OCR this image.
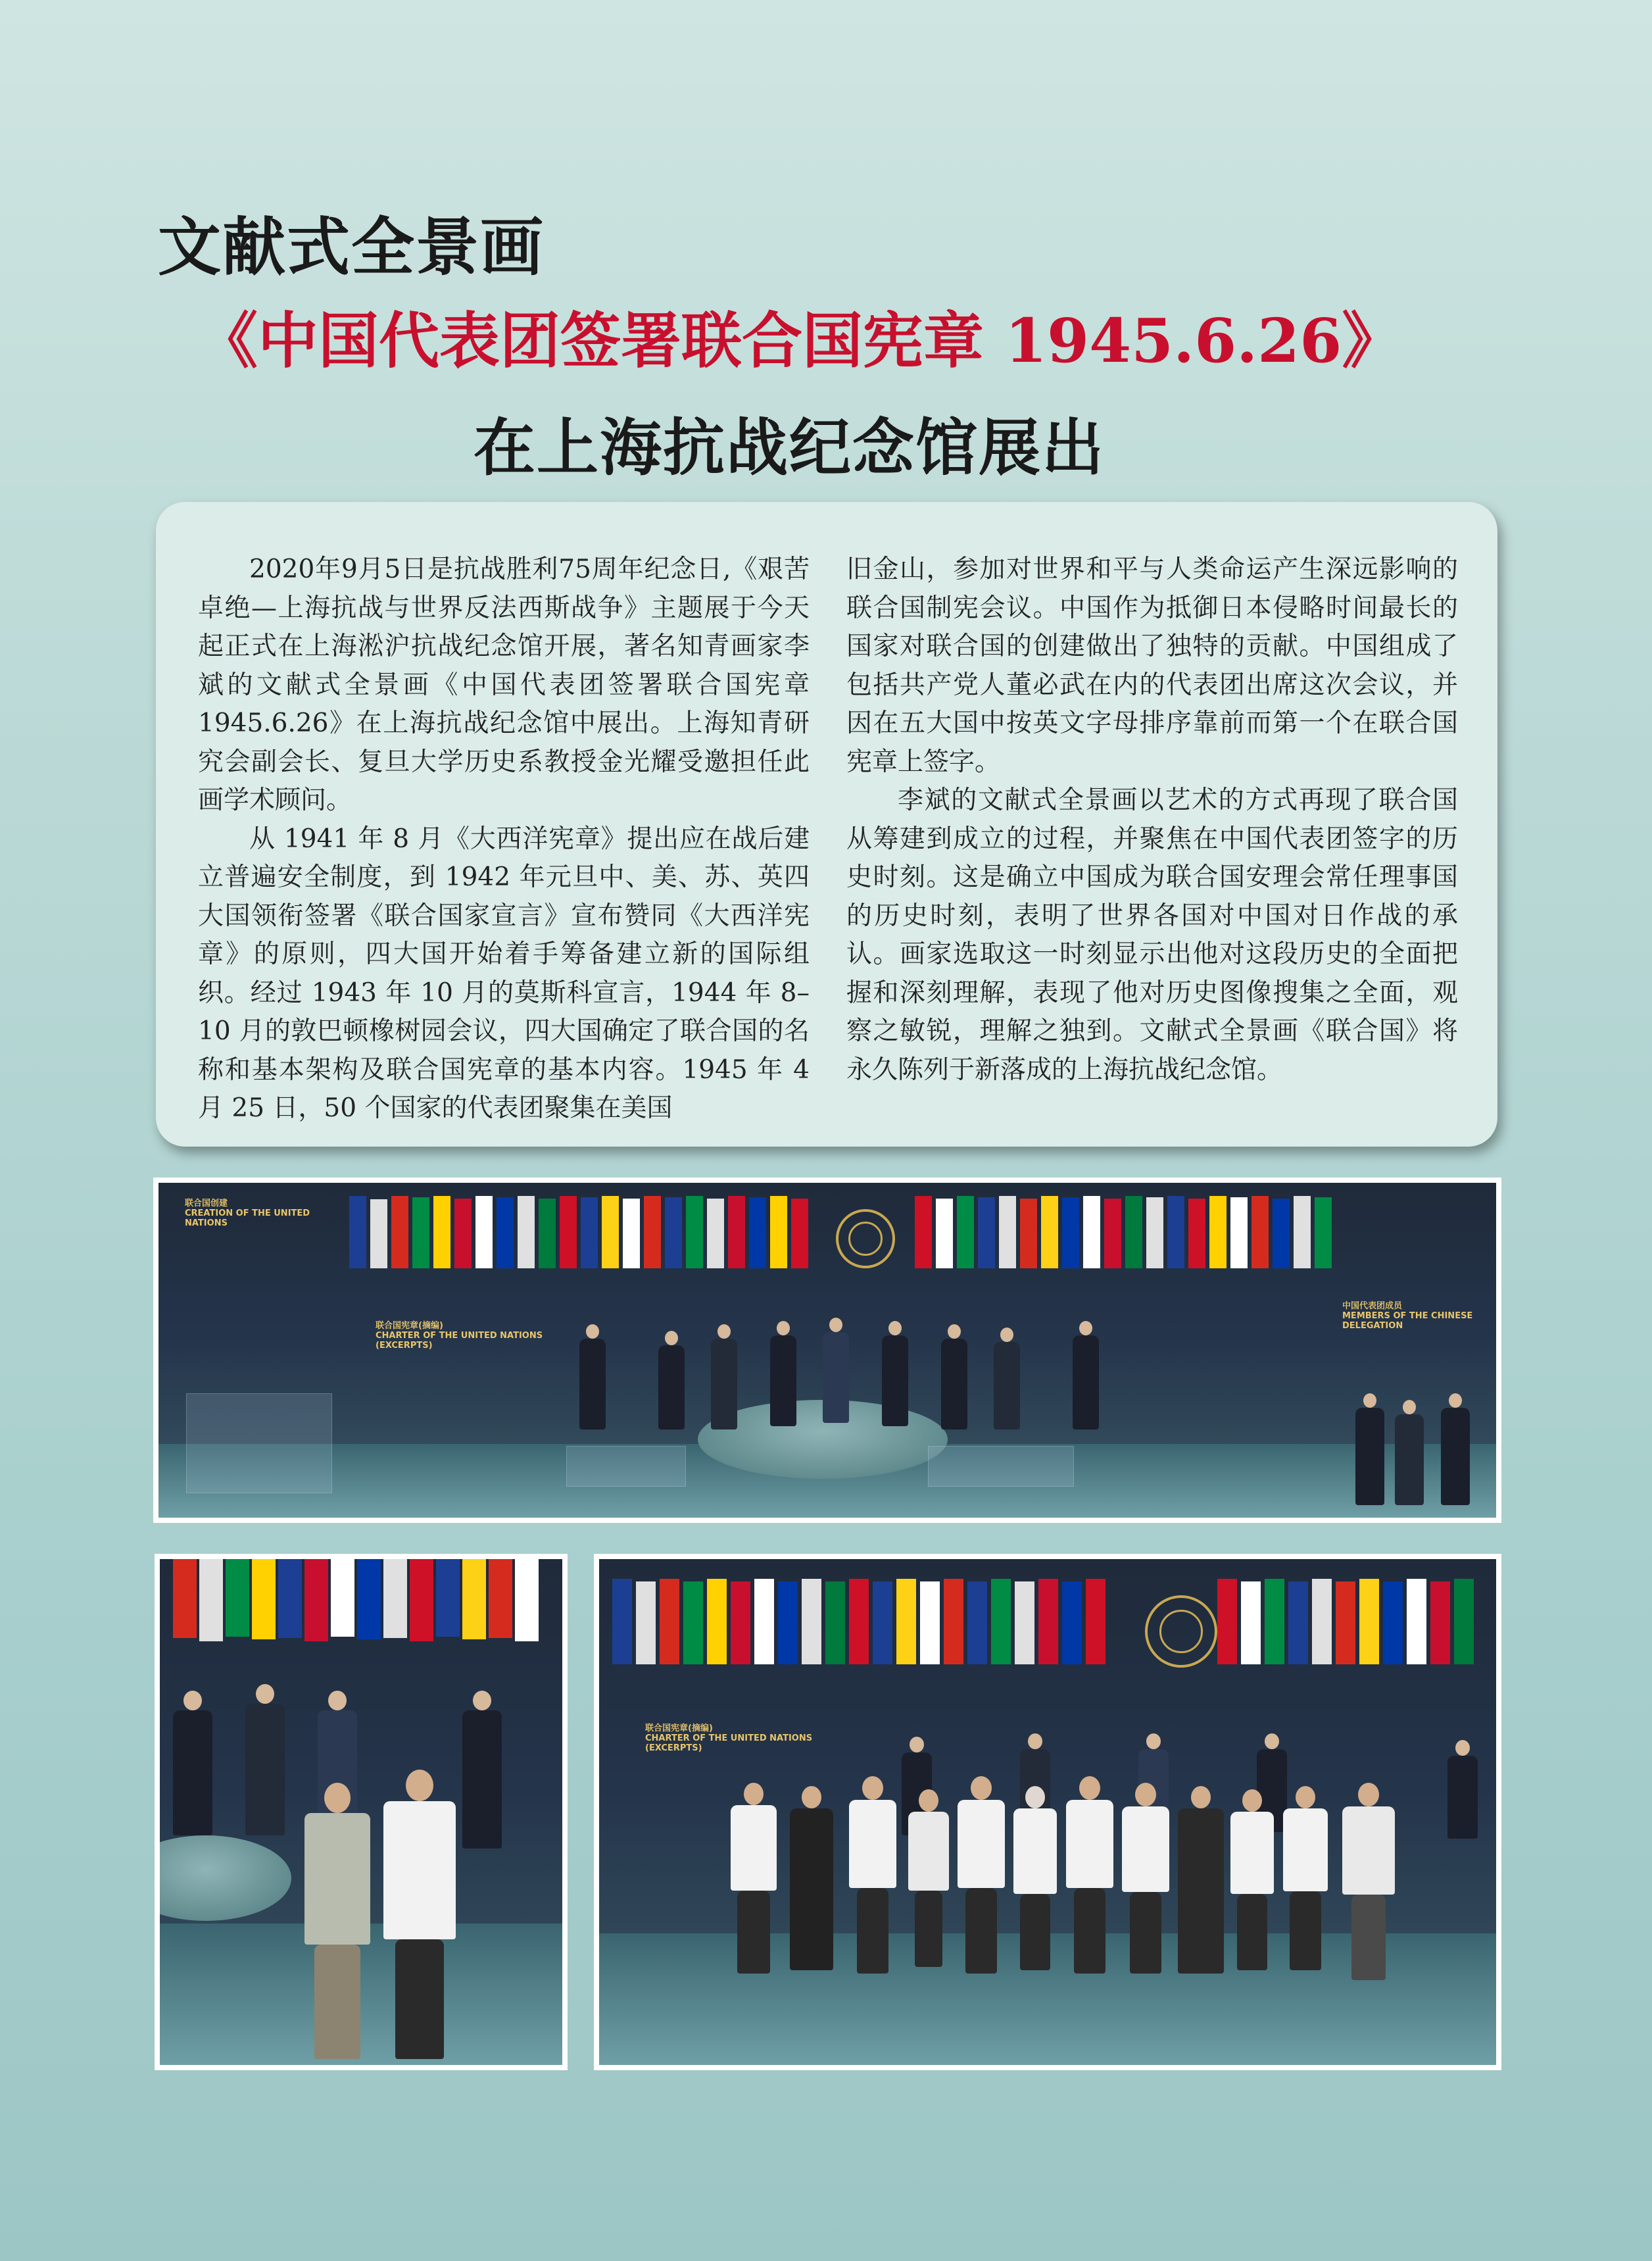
文献式全景画
《中国代表团签署联合国宪章 1945.6.26》
在上海抗战纪念馆展出

2020年9月5日是抗战胜利75周年纪念日,《艰苦卓绝—上海抗战与世界反法西斯战争》主题展于今天起正式在上海淞沪抗战纪念馆开展，著名知青画家李斌的文献式全景画《中国代表团签署联合国宪章 1945.6.26》在上海抗战纪念馆中展出。上海知青研究会副会长、复旦大学历史系教授金光耀受邀担任此画学术顾问。

从 1941 年 8 月《大西洋宪章》提出应在战后建立普遍安全制度，到 1942 年元旦中、美、苏、英四大国领衔签署《联合国家宣言》宣布赞同《大西洋宪章》的原则，四大国开始着手筹备建立新的国际组织。经过 1943 年 10 月的莫斯科宣言，1944 年 8–10 月的敦巴顿橡树园会议，四大国确定了联合国的名称和基本架构及联合国宪章的基本内容。1945 年 4 月 25 日，50 个国家的代表团聚集在美国

旧金山，参加对世界和平与人类命运产生深远影响的联合国制宪会议。中国作为抵御日本侵略时间最长的国家对联合国的创建做出了独特的贡献。中国组成了包括共产党人董必武在内的代表团出席这次会议，并因在五大国中按英文字母排序靠前而第一个在联合国宪章上签字。

李斌的文献式全景画以艺术的方式再现了联合国从筹建到成立的过程，并聚焦在中国代表团签字的历史时刻。这是确立中国成为联合国安理会常任理事国的历史时刻，表明了世界各国对中国对日作战的承认。画家选取这一时刻显示出他对这段历史的全面把握和深刻理解，表现了他对历史图像搜集之全面，观察之敏锐，理解之独到。文献式全景画《联合国》将永久陈列于新落成的上海抗战纪念馆。

联合国创建
CREATION OF THE UNITED NATIONS
联合国宪章(摘编)
CHARTER OF THE UNITED NATIONS (EXCERPTS)
中国代表团成员
MEMBERS OF THE CHINESE DELEGATION
联合国宪章(摘编)
CHARTER OF THE UNITED NATIONS (EXCERPTS)
